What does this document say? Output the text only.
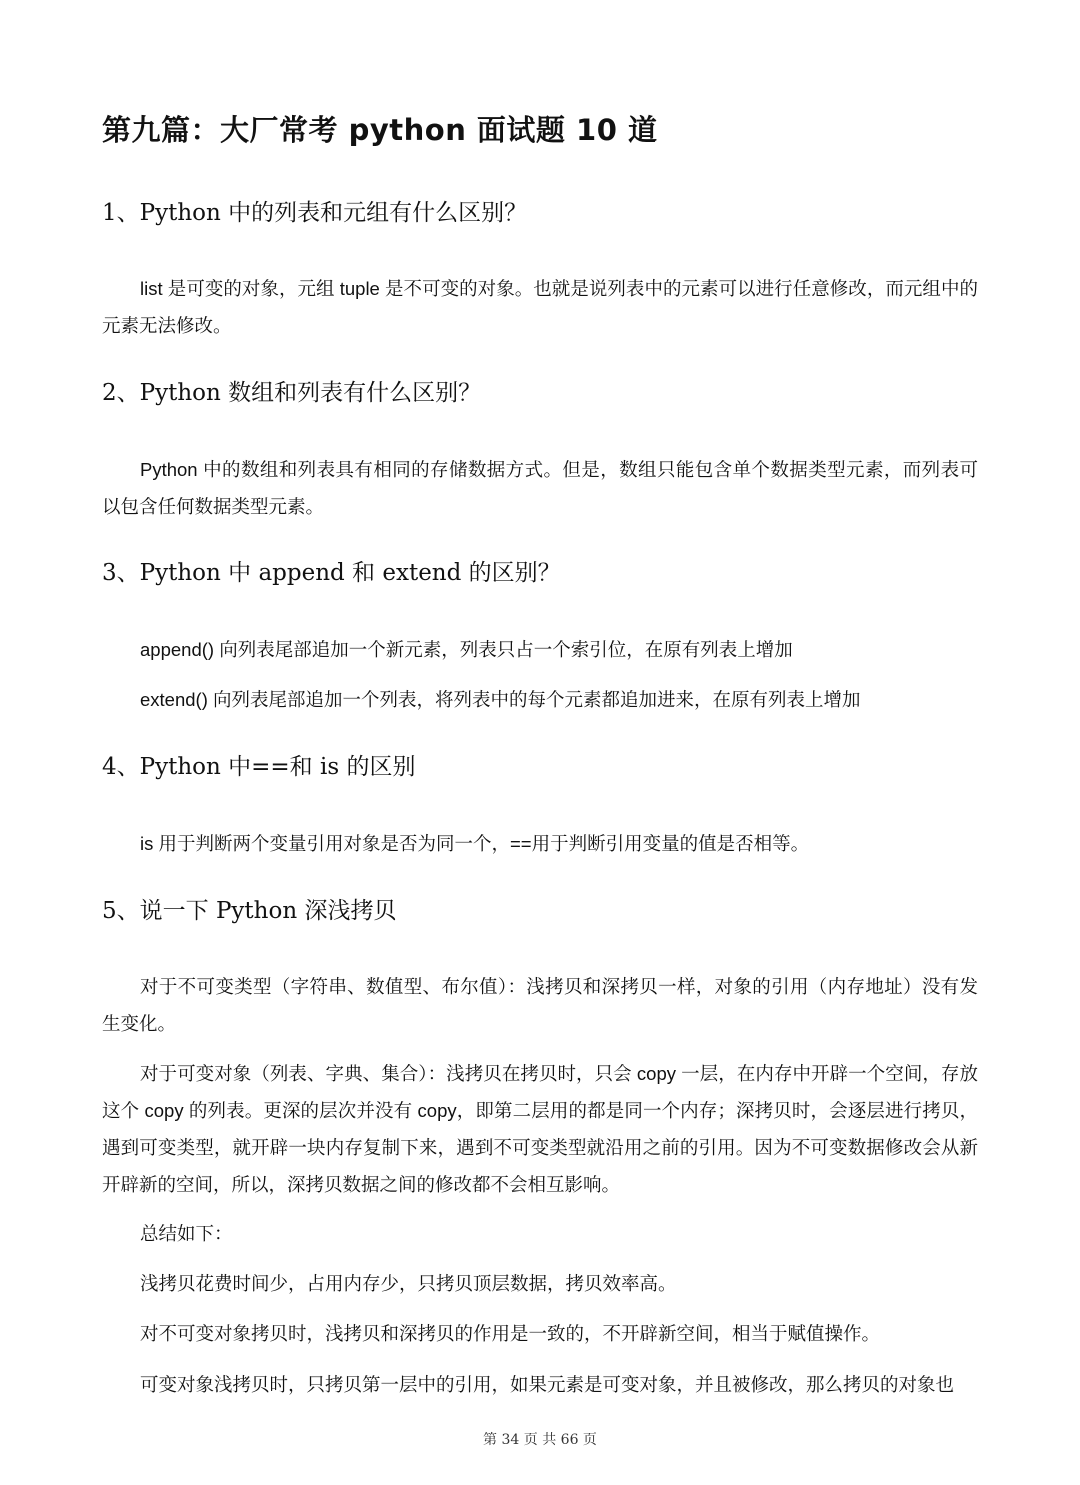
第九篇：大厂常考 python 面试题 10 道
1、Python 中的列表和元组有什么区别？

list 是可变的对象，元组 tuple 是不可变的对象。也就是说列表中的元素可以进行任意修改，而元组中的元素无法修改。

2、Python 数组和列表有什么区别？

Python 中的数组和列表具有相同的存储数据方式。但是，数组只能包含单个数据类型元素，而列表可以包含任何数据类型元素。

3、Python 中 append 和 extend 的区别？

append() 向列表尾部追加一个新元素，列表只占一个索引位，在原有列表上增加

extend() 向列表尾部追加一个列表，将列表中的每个元素都追加进来，在原有列表上增加

4、Python 中==和 is 的区别

is 用于判断两个变量引用对象是否为同一个，==用于判断引用变量的值是否相等。

5、说一下 Python 深浅拷贝

对于不可变类型（字符串、数值型、布尔值）：浅拷贝和深拷贝一样，对象的引用（内存地址）没有发生变化。

对于可变对象（列表、字典、集合）：浅拷贝在拷贝时，只会 copy 一层，在内存中开辟一个空间，存放这个 copy 的列表。更深的层次并没有 copy，即第二层用的都是同一个内存；深拷贝时，会逐层进行拷贝，遇到可变类型，就开辟一块内存复制下来，遇到不可变类型就沿用之前的引用。因为不可变数据修改会从新开辟新的空间，所以，深拷贝数据之间的修改都不会相互影响。

总结如下：

浅拷贝花费时间少，占用内存少，只拷贝顶层数据，拷贝效率高。

对不可变对象拷贝时，浅拷贝和深拷贝的作用是一致的，不开辟新空间，相当于赋值操作。

可变对象浅拷贝时，只拷贝第一层中的引用，如果元素是可变对象，并且被修改，那么拷贝的对象也

第 34 页 共 66 页
